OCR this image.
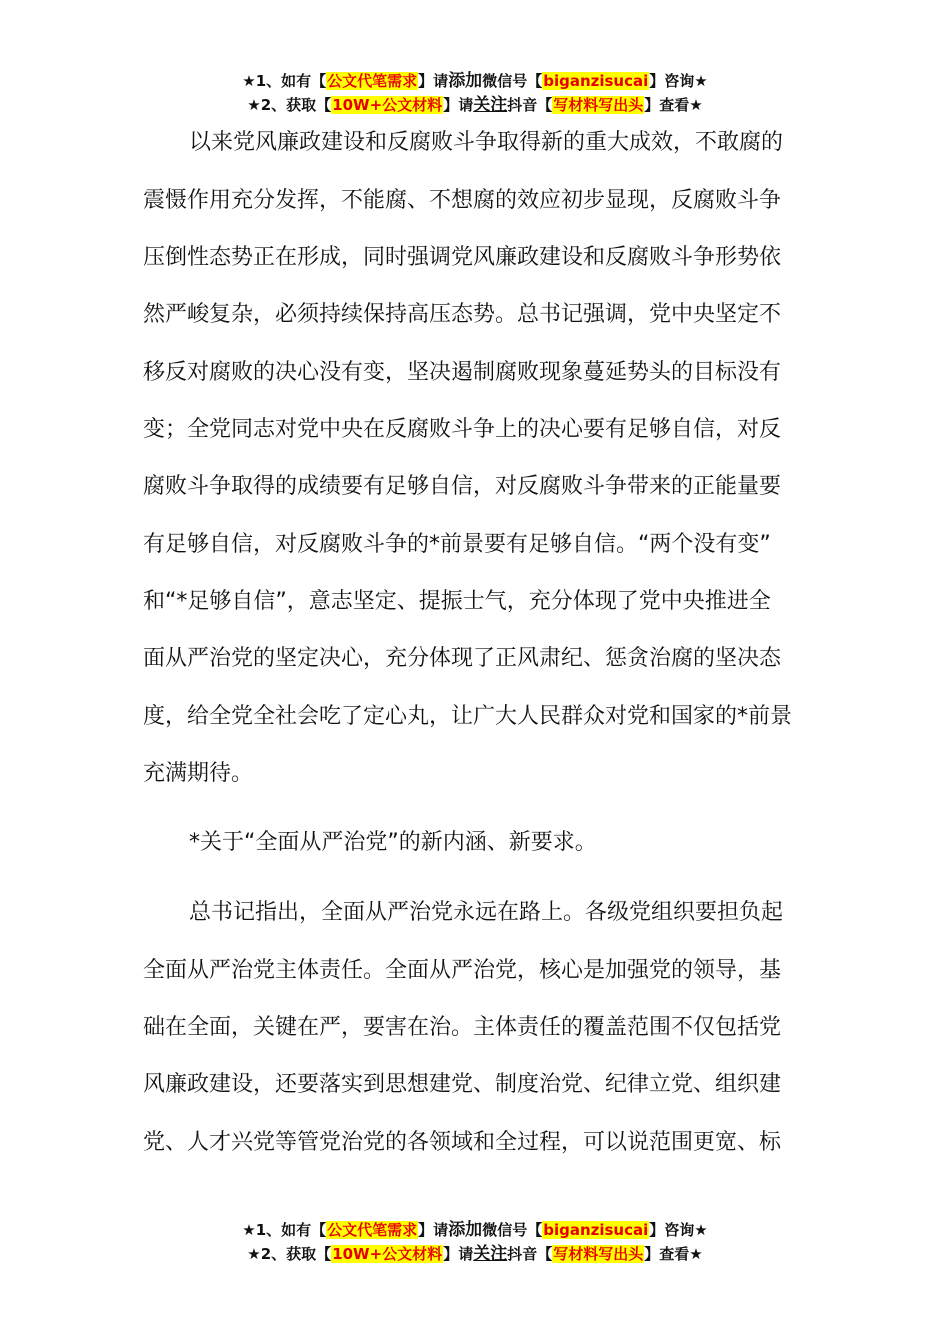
★1、如有【公文代笔需求】请添加微信号【biganzisucai】咨询★
★2、获取【10W+公文材料】请关注抖音【写材料写出头】查看★
以来党风廉政建设和反腐败斗争取得新的重大成效，不敢腐的
震慑作用充分发挥，不能腐、不想腐的效应初步显现，反腐败斗争
压倒性态势正在形成，同时强调党风廉政建设和反腐败斗争形势依
然严峻复杂，必须持续保持高压态势。总书记强调，党中央坚定不
移反对腐败的决心没有变，坚决遏制腐败现象蔓延势头的目标没有
变；全党同志对党中央在反腐败斗争上的决心要有足够自信，对反
腐败斗争取得的成绩要有足够自信，对反腐败斗争带来的正能量要
有足够自信，对反腐败斗争的*前景要有足够自信。“两个没有变”
和“*足够自信”，意志坚定、提振士气，充分体现了党中央推进全
面从严治党的坚定决心，充分体现了正风肃纪、惩贪治腐的坚决态
度，给全党全社会吃了定心丸，让广大人民群众对党和国家的*前景
充满期待。
*关于“全面从严治党”的新内涵、新要求。
总书记指出，全面从严治党永远在路上。各级党组织要担负起
全面从严治党主体责任。全面从严治党，核心是加强党的领导，基
础在全面，关键在严，要害在治。主体责任的覆盖范围不仅包括党
风廉政建设，还要落实到思想建党、制度治党、纪律立党、组织建
党、人才兴党等管党治党的各领域和全过程，可以说范围更宽、标
★1、如有【公文代笔需求】请添加微信号【biganzisucai】咨询★
★2、获取【10W+公文材料】请关注抖音【写材料写出头】查看★
